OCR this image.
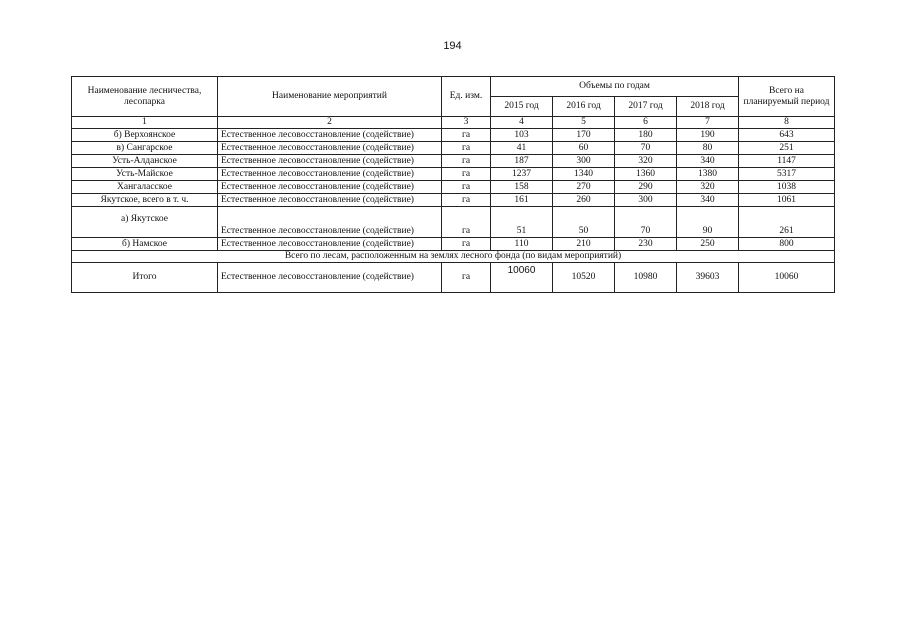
194
Наименование лесничества, лесопарка	Наименование мероприятий	Ед. изм.	Объемы по годам				Всего на планируемый период
			2015 год	2016 год	2017 год	2018 год	
1	2	3	4	5	6	7	8
б) Верхоянское	Естественное лесовосстановление (содействие)	га	103	170	180	190	643
в) Сангарское	Естественное лесовосстановление (содействие)	га	41	60	70	80	251
Усть-Алданское	Естественное лесовосстановление (содействие)	га	187	300	320	340	1147
Усть-Майское	Естественное лесовосстановление (содействие)	га	1237	1340	1360	1380	5317
Хангаласское	Естественное лесовосстановление (содействие)	га	158	270	290	320	1038
Якутское, всего в т. ч.	Естественное лесовосстановление (содействие)	га	161	260	300	340	1061
а) Якутское	Естественное лесовосстановление (содействие)	га	51	50	70	90	261
б) Намское	Естественное лесовосстановление (содействие)	га	110	210	230	250	800
Всего по лесам, расположенным на землях лесного фонда (по видам мероприятий)							
Итого	Естественное лесовосстановление (содействие)	га	10060	10520	10980	39603	10060
